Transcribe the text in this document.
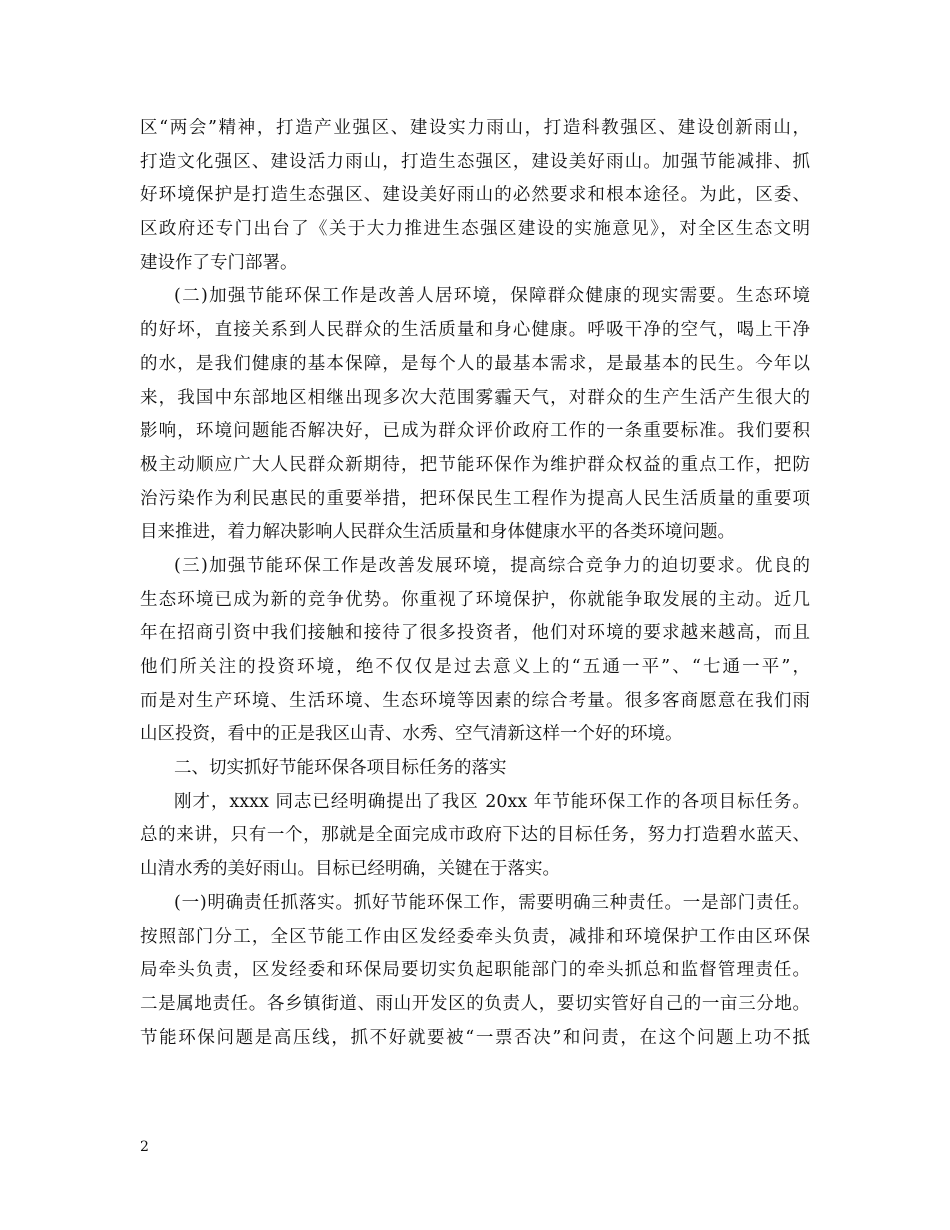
区“两会”精神，打造产业强区、建设实力雨山，打造科教强区、建设创新雨山，
打造文化强区、建设活力雨山，打造生态强区，建设美好雨山。加强节能减排、抓
好环境保护是打造生态强区、建设美好雨山的必然要求和根本途径。为此，区委、
区政府还专门出台了《关于大力推进生态强区建设的实施意见》，对全区生态文明
建设作了专门部署。
(二)加强节能环保工作是改善人居环境，保障群众健康的现实需要。生态环境
的好坏，直接关系到人民群众的生活质量和身心健康。呼吸干净的空气，喝上干净
的水，是我们健康的基本保障，是每个人的最基本需求，是最基本的民生。今年以
来，我国中东部地区相继出现多次大范围雾霾天气，对群众的生产生活产生很大的
影响，环境问题能否解决好，已成为群众评价政府工作的一条重要标准。我们要积
极主动顺应广大人民群众新期待，把节能环保作为维护群众权益的重点工作，把防
治污染作为利民惠民的重要举措，把环保民生工程作为提高人民生活质量的重要项
目来推进，着力解决影响人民群众生活质量和身体健康水平的各类环境问题。
(三)加强节能环保工作是改善发展环境，提高综合竞争力的迫切要求。优良的
生态环境已成为新的竞争优势。你重视了环境保护，你就能争取发展的主动。近几
年在招商引资中我们接触和接待了很多投资者，他们对环境的要求越来越高，而且
他们所关注的投资环境，绝不仅仅是过去意义上的“五通一平”、“七通一平”，
而是对生产环境、生活环境、生态环境等因素的综合考量。很多客商愿意在我们雨
山区投资，看中的正是我区山青、水秀、空气清新这样一个好的环境。
二、切实抓好节能环保各项目标任务的落实
刚才，xxxx 同志已经明确提出了我区 20xx 年节能环保工作的各项目标任务。
总的来讲，只有一个，那就是全面完成市政府下达的目标任务，努力打造碧水蓝天、
山清水秀的美好雨山。目标已经明确，关键在于落实。
(一)明确责任抓落实。抓好节能环保工作，需要明确三种责任。一是部门责任。
按照部门分工，全区节能工作由区发经委牵头负责，减排和环境保护工作由区环保
局牵头负责，区发经委和环保局要切实负起职能部门的牵头抓总和监督管理责任。
二是属地责任。各乡镇街道、雨山开发区的负责人，要切实管好自己的一亩三分地。
节能环保问题是高压线，抓不好就要被“一票否决”和问责，在这个问题上功不抵
2
